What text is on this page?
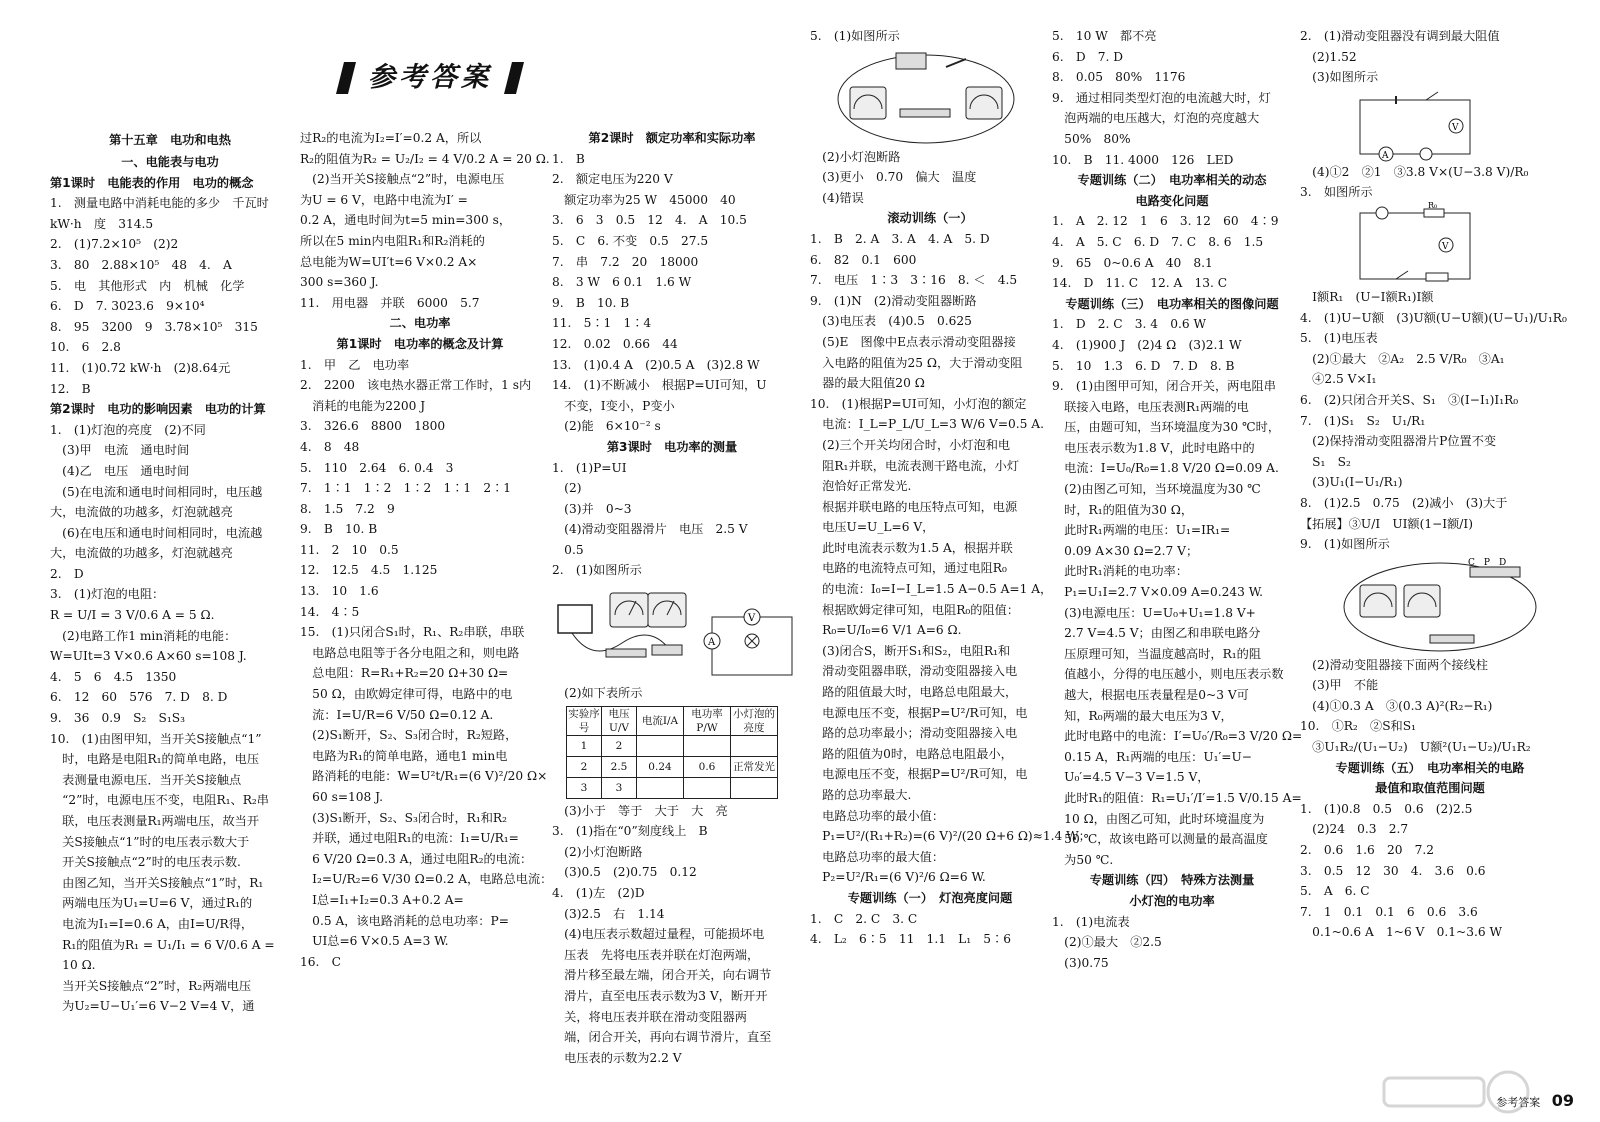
参考答案
第十五章　电功和电热
一、电能表与电功
第1课时　电能表的作用　电功的概念
1.　测量电路中消耗电能的多少　千瓦时
kW·h　度　314.5
2.　(1)7.2×10⁵　(2)2
3.　80　2.88×10⁵　48　4.　A
5.　电　其他形式　内　机械　化学
6.　D　7. 3023.6　9×10⁴
8.　95　3200　9　3.78×10⁵　315
10.　6　2.8
11.　(1)0.72 kW·h　(2)8.64元
12.　B
第2课时　电功的影响因素　电功的计算
1.　(1)灯泡的亮度　(2)不同
　(3)甲　电流　通电时间
　(4)乙　电压　通电时间
　(5)在电流和通电时间相同时，电压越
大，电流做的功越多，灯泡就越亮
　(6)在电压和通电时间相同时，电流越
大，电流做的功越多，灯泡就越亮
2.　D
3.　(1)灯泡的电阻：
R = U/I = 3 V/0.6 A = 5 Ω.
　(2)电路工作1 min消耗的电能：
W=UIt=3 V×0.6 A×60 s=108 J.
4.　5　6　4.5　1350
6.　12　60　576　7. D　8. D
9.　36　0.9　S₂　S₁S₃
10.　(1)由图甲知，当开关S接触点“1”
　时，电路是电阻R₁的简单电路，电压
　表测量电源电压．当开关S接触点
　“2”时，电源电压不变，电阻R₁、R₂串
　联，电压表测量R₁两端电压，故当开
　关S接触点“1”时的电压表示数大于
　开关S接触点“2”时的电压表示数.
　由图乙知，当开关S接触点“1”时，R₁
　两端电压为U₁=U=6 V，通过R₁的
　电流为I₁=I=0.6 A，由I=U/R得，
　R₁的阻值为R₁ = U₁/I₁ = 6 V/0.6 A =
　10 Ω.
　当开关S接触点“2”时，R₂两端电压
　为U₂=U−U₁′=6 V−2 V=4 V，通
过R₂的电流为I₂=I′=0.2 A，所以
R₂的阻值为R₂ = U₂/I₂ = 4 V/0.2 A = 20 Ω.
　(2)当开关S接触点“2”时，电源电压
为U = 6 V，电路中电流为I′ =
0.2 A，通电时间为t=5 min=300 s，
所以在5 min内电阻R₁和R₂消耗的
总电能为W=UI′t=6 V×0.2 A×
300 s=360 J.
11.　用电器　并联　6000　5.7
二、电功率
第1课时　电功率的概念及计算
1.　甲　乙　电功率
2.　2200　该电热水器正常工作时，1 s内
　消耗的电能为2200 J
3.　326.6　8800　1800
4.　8　48
5.　110　2.64　6. 0.4　3
7.　1∶1　1∶2　1∶2　1∶1　2∶1
8.　1.5　7.2　9
9.　B　10. B
11.　2　10　0.5
12.　12.5　4.5　1.125
13.　10　1.6
14.　4∶5
15.　(1)只闭合S₁时，R₁、R₂串联，串联
　电路总电阻等于各分电阻之和，则电路
　总电阻：R=R₁+R₂=20 Ω+30 Ω=
　50 Ω，由欧姆定律可得，电路中的电
　流：I=U/R=6 V/50 Ω=0.12 A.
　(2)S₁断开，S₂、S₃闭合时，R₂短路，
　电路为R₁的简单电路，通电1 min电
　路消耗的电能：W=U²t/R₁=(6 V)²/20 Ω×
　60 s=108 J.
　(3)S₁断开，S₂、S₃闭合时，R₁和R₂
　并联，通过电阻R₁的电流：I₁=U/R₁=
　6 V/20 Ω=0.3 A，通过电阻R₂的电流：
　I₂=U/R₂=6 V/30 Ω=0.2 A，电路总电流：
　I总=I₁+I₂=0.3 A+0.2 A=
　0.5 A，该电路消耗的总电功率：P=
　UI总=6 V×0.5 A=3 W.
16.　C
第2课时　额定功率和实际功率
1.　B
2.　额定电压为220 V
　额定功率为25 W　45000　40
3.　6　3　0.5　12　4.　A　10.5
5.　C　6. 不变　0.5　27.5
7.　串　7.2　20　18000
8.　3 W　6 0.1　1.6 W
9.　B　10. B
11.　5∶1　1∶4
12.　0.02　0.66　44
13.　(1)0.4 A　(2)0.5 A　(3)2.8 W
14.　(1)不断减小　根据P=UI可知，U
　不变，I变小，P变小
　(2)能　6×10⁻² s
第3课时　电功率的测量
1.　(1)P=UI
　(2)
　(3)并　0~3
　(4)滑动变阻器滑片　电压　2.5 V
　0.5
2.　(1)如图所示
A
V
　(2)如下表所示
实验序号	电压U/V	电流I/A	电功率P/W	小灯泡的亮度
1	2			
2	2.5	0.24	0.6	正常发光
3	3			
　(3)小于　等于　大于　大　亮
3.　(1)指在“0”刻度线上　B
　(2)小灯泡断路
　(3)0.5　(2)0.75　0.12
4.　(1)左　(2)D
　(3)2.5　右　1.14
　(4)电压表示数超过量程，可能损坏电
　压表　先将电压表并联在灯泡两端，
　滑片移至最左端，闭合开关，向右调节
　滑片，直至电压表示数为3 V，断开开
　关，将电压表并联在滑动变阻器两
　端，闭合开关，再向右调节滑片，直至
　电压表的示数为2.2 V
5.　(1)如图所示
　(2)小灯泡断路
　(3)更小　0.70　偏大　温度
　(4)错误
滚动训练（一）
1.　B　2. A　3. A　4. A　5. D
6.　82　0.1　600
7.　电压　1∶3　3∶16　8. ＜　4.5
9.　(1)N　(2)滑动变阻器断路
　(3)电压表　(4)0.5　0.625
　(5)E　图像中E点表示滑动变阻器接
　入电路的阻值为25 Ω，大于滑动变阻
　器的最大阻值20 Ω
10.　(1)根据P=UI可知，小灯泡的额定
　电流：I_L=P_L/U_L=3 W/6 V=0.5 A.
　(2)三个开关均闭合时，小灯泡和电
　阻R₁并联，电流表测干路电流，小灯
　泡恰好正常发光.
　根据并联电路的电压特点可知，电源
　电压U=U_L=6 V，
　此时电流表示数为1.5 A，根据并联
　电路的电流特点可知，通过电阻R₀
　的电流：I₀=I−I_L=1.5 A−0.5 A=1 A，
　根据欧姆定律可知，电阻R₀的阻值：
　R₀=U/I₀=6 V/1 A=6 Ω.
　(3)闭合S，断开S₁和S₂，电阻R₁和
　滑动变阻器串联，滑动变阻器接入电
　路的阻值最大时，电路总电阻最大，
　电源电压不变，根据P=U²/R可知，电
　路的总功率最小；滑动变阻器接入电
　路的阻值为0时，电路总电阻最小，
　电源电压不变，根据P=U²/R可知，电
　路的总功率最大.
　电路总功率的最小值：
　P₁=U²/(R₁+R₂)=(6 V)²/(20 Ω+6 Ω)≈1.4 W；
　电路总功率的最大值：
　P₂=U²/R₁=(6 V)²/6 Ω=6 W.
专题训练（一）　灯泡亮度问题
1.　C　2. C　3. C
4.　L₂　6∶5　11　1.1　L₁　5∶6
5.　10 W　都不亮
6.　D　7. D
8.　0.05　80%　1176
9.　通过相同类型灯泡的电流越大时，灯
　泡两端的电压越大，灯泡的亮度越大
　50%　80%
10.　B　11. 4000　126　LED
专题训练（二）　电功率相关的动态
电路变化问题
1.　A　2. 12　1　6　3. 12　60　4∶9
4.　A　5. C　6. D　7. C　8. 6　1.5
9.　65　0~0.6 A　40　8.1
14.　D　11. C　12. A　13. C
专题训练（三）　电功率相关的图像问题
1.　D　2. C　3. 4　0.6 W
4.　(1)900 J　(2)4 Ω　(3)2.1 W
5.　10　1.3　6. D　7. D　8. B
9.　(1)由图甲可知，闭合开关，两电阻串
　联接入电路，电压表测R₁两端的电
　压，由题可知，当环境温度为30 ℃时，
　电压表示数为1.8 V，此时电路中的
　电流：I=U₀/R₀=1.8 V/20 Ω=0.09 A.
　(2)由图乙可知，当环境温度为30 ℃
　时，R₁的阻值为30 Ω，
　此时R₁两端的电压：U₁=IR₁=
　0.09 A×30 Ω=2.7 V；
　此时R₁消耗的电功率：
　P₁=U₁I=2.7 V×0.09 A=0.243 W.
　(3)电源电压：U=U₀+U₁=1.8 V+
　2.7 V=4.5 V；由图乙和串联电路分
　压原理可知，当温度越高时，R₁的阻
　值越小，分得的电压越小，则电压表示数
　越大，根据电压表量程是0~3 V可
　知，R₀两端的最大电压为3 V，
　此时电路中的电流：I′=U₀′/R₀=3 V/20 Ω=
　0.15 A，R₁两端的电压：U₁′=U−
　U₀′=4.5 V−3 V=1.5 V，
　此时R₁的阻值：R₁=U₁′/I′=1.5 V/0.15 A=
　10 Ω，由图乙可知，此时环境温度为
　50 ℃，故该电路可以测量的最高温度
　为50 ℃.
专题训练（四）　特殊方法测量
小灯泡的电功率
1.　(1)电流表
　(2)①最大　②2.5
　(3)0.75
2.　(1)滑动变阻器没有调到最大阻值
　(2)1.52
　(3)如图所示
A
V
　(4)①2　②1　③3.8 V×(U−3.8 V)/R₀
3.　如图所示
R₀
V
　I额R₁　(U−I额R₁)I额
4.　(1)U−U额　(3)U额(U−U额)(U−U₁)/U₁R₀
5.　(1)电压表
　(2)①最大　②A₂　2.5 V/R₀　③A₁
　④2.5 V×I₁
6.　(2)只闭合开关S、S₁　③(I−I₁)I₁R₀
7.　(1)S₁　S₂　U₁/R₁
　(2)保持滑动变阻器滑片P位置不变
　S₁　S₂
　(3)U₁(I−U₁/R₁)
8.　(1)2.5　0.75　(2)减小　(3)大于
【拓展】③U/I　UI额(1−I额/I)
9.　(1)如图所示
C　P　D
　(2)滑动变阻器接下面两个接线柱
　(3)甲　不能
　(4)①0.3 A　③(0.3 A)²(R₂−R₁)
10.　①R₂　②S和S₁
　③U₁R₂/(U₁−U₂)　U额²(U₁−U₂)/U₁R₂
专题训练（五）　电功率相关的电路
最值和取值范围问题
1.　(1)0.8　0.5　0.6　(2)2.5
　(2)24　0.3　2.7
2.　0.6　1.6　20　7.2
3.　0.5　12　30　4.　3.6　0.6
5.　A　6. C
7.　1　0.1　0.1　6　0.6　3.6
　0.1~0.6 A　1~6 V　0.1~3.6 W
参考答案 09
